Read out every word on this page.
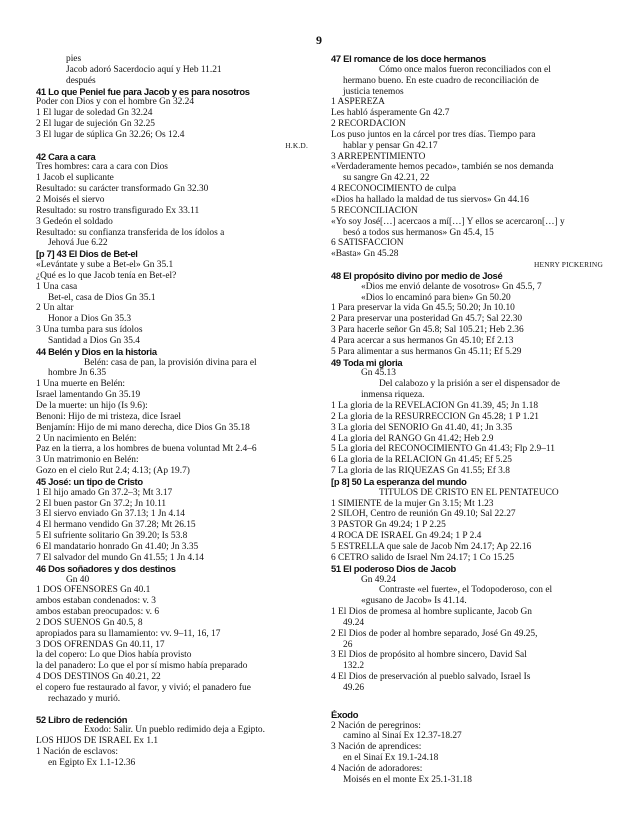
9
pies
Jacob adoró Sacerdocio aquí y Heb 11.21
después
41 Lo que Peniel fue para Jacob y es para nosotros
Poder con Dios y con el hombre Gn 32.24
1 El lugar de soledad Gn 32.24
2 El lugar de sujeción Gn 32.25
3 El lugar de súplica Gn 32.26; Os 12.4
H.K.D.
42 Cara a cara
Tres hombres: cara a cara con Dios
1 Jacob el suplicante
Resultado: su carácter transformado Gn 32.30
2 Moisés el siervo
Resultado: su rostro transfigurado Éx 33.11
3 Gedeón el soldado
Resultado: su confianza transferida de los ídolos a
Jehová Jue 6.22
[p 7] 43 El Dios de Bet-el
«Levántate y sube a Bet-el» Gn 35.1
¿Qué es lo que Jacob tenía en Bet-el?
1 Una casa
Bet-el, casa de Dios Gn 35.1
2 Un altar
Honor a Dios Gn 35.3
3 Una tumba para sus ídolos
Santidad a Dios Gn 35.4
44 Belén y Dios en la historia
Belén: casa de pan, la provisión divina para el
hombre Jn 6.35
1 Una muerte en Belén:
Israel lamentando Gn 35.19
De la muerte: un hijo (Is 9.6):
Benoni: Hijo de mi tristeza, dice Israel
Benjamín: Hijo de mi mano derecha, dice Dios Gn 35.18
2 Un nacimiento en Belén:
Paz en la tierra, a los hombres de buena voluntad Mt 2.4–6
3 Un matrimonio en Belén:
Gozo en el cielo Rut 2.4; 4.13; (Ap 19.7)
45 José: un tipo de Cristo
1 El hijo amado Gn 37.2–3; Mt 3.17
2 El buen pastor Gn 37.2; Jn 10.11
3 El siervo enviado Gn 37.13; 1 Jn 4.14
4 El hermano vendido Gn 37.28; Mt 26.15
5 El sufriente solitario Gn 39.20; Is 53.8
6 El mandatario honrado Gn 41.40; Jn 3.35
7 El salvador del mundo Gn 41.55; 1 Jn 4.14
46 Dos soñadores y dos destinos
Gn 40
1 DOS OFENSORES Gn 40.1
ambos estaban condenados: v. 3
ambos estaban preocupados: v. 6
2 DOS SUEÑOS Gn 40.5, 8
apropiados para su llamamiento: vv. 9–11, 16, 17
3 DOS OFRENDAS Gn 40.11, 17
la del copero: Lo que Dios había provisto
la del panadero: Lo que el por sí mismo había preparado
4 DOS DESTINOS Gn 40.21, 22
el copero fue restaurado al favor, y vivió; el panadero fue
rechazado y murió.
52 Libro de redención
Éxodo: Salir. Un pueblo redimido deja a Egipto.
LOS HIJOS DE ISRAEL Éx 1.1
1 Nación de esclavos:
en Egipto Éx 1.1-12.36
47 El romance de los doce hermanos
Cómo once malos fueron reconciliados con el
hermano bueno. En este cuadro de reconciliación de
justicia tenemos
1 ASPEREZA
Les habló ásperamente Gn 42.7
2 RECORDACIÓN
Los puso juntos en la cárcel por tres días. Tiempo para
hablar y pensar Gn 42.17
3 ARREPENTIMIENTO
«Verdaderamente hemos pecado», también se nos demanda
su sangre Gn 42.21, 22
4 RECONOCIMIENTO de culpa
«Dios ha hallado la maldad de tus siervos» Gn 44.16
5 RECONCILIACIÓN
«Yo soy José[…] acercaos a mí[…] Y ellos se acercaron[…] y
besó a todos sus hermanos» Gn 45.4, 15
6 SATISFACCIÓN
«Basta» Gn 45.28
HENRY PICKERING
48 El propósito divino por medio de José
«Dios me envió delante de vosotros» Gn 45.5, 7
«Dios lo encaminó para bien» Gn 50.20
1 Para preservar la vida Gn 45.5; 50.20; Jn 10.10
2 Para preservar una posteridad Gn 45.7; Sal 22.30
3 Para hacerle señor Gn 45.8; Sal 105.21; Heb 2.36
4 Para acercar a sus hermanos Gn 45.10; Ef 2.13
5 Para alimentar a sus hermanos Gn 45.11; Ef 5.29
49 Toda mi gloria
Gn 45.13
Del calabozo y la prisión a ser el dispensador de
inmensa riqueza.
1 La gloria de la REVELACIÓN Gn 41.39, 45; Jn 1.18
2 La gloria de la RESURRECCIÓN Gn 45.28; 1 P 1.21
3 La gloria del SEÑORÍO Gn 41.40, 41; Jn 3.35
4 La gloria del RANGO Gn 41.42; Heb 2.9
5 La gloria del RECONOCIMIENTO Gn 41.43; Flp 2.9–11
6 La gloria de la RELACIÓN Gn 41.45; Ef 5.25
7 La gloria de las RIQUEZAS Gn 41.55; Ef 3.8
[p 8] 50 La esperanza del mundo
TÍTULOS DE CRISTO EN EL PENTATEUCO
1 SIMIENTE de la mujer Gn 3.15; Mt 1.23
2 SILOH, Centro de reunión Gn 49.10; Sal 22.27
3 PASTOR Gn 49.24; 1 P 2.25
4 ROCA DE ISRAEL Gn 49.24; 1 P 2.4
5 ESTRELLA que sale de Jacob Nm 24.17; Ap 22.16
6 CETRO salido de Israel Nm 24.17; 1 Co 15.25
51 El poderoso Dios de Jacob
Gn 49.24
Contraste «el fuerte», el Todopoderoso, con el
«gusano de Jacob» Is 41.14.
1 El Dios de promesa al hombre suplicante, Jacob Gn
49.24
2 El Dios de poder al hombre separado, José Gn 49.25,
26
3 El Dios de propósito al hombre sincero, David Sal
132.2
4 El Dios de preservación al pueblo salvado, Israel Is
49.26
Éxodo
2 Nación de peregrinos:
camino al Sinaí Éx 12.37-18.27
3 Nación de aprendices:
en el Sinaí Éx 19.1-24.18
4 Nación de adoradores:
Moisés en el monte Éx 25.1-31.18
